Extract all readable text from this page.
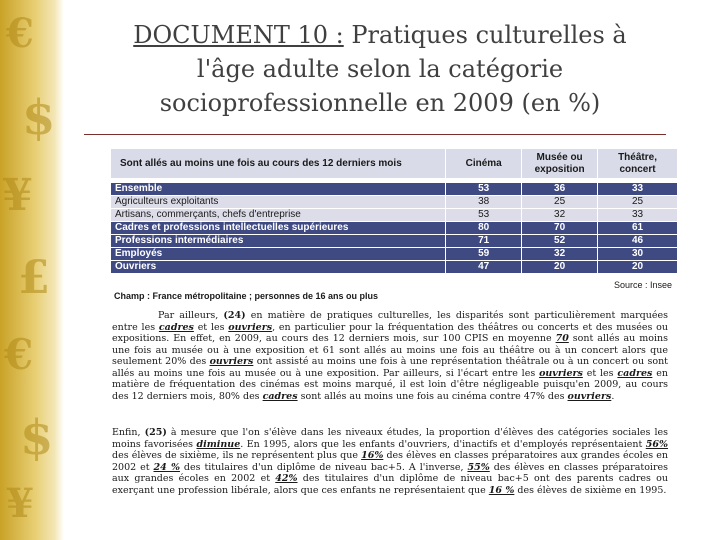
€
$
¥
£
€
$
¥
DOCUMENT 10 : Pratiques culturelles à
l'âge adulte selon la catégorie
socioprofessionnelle en 2009 (en %)
Sont allés au moins une fois au cours des 12 derniers mois	Cinéma	Musée ou exposition	Théâtre, concert

Ensemble	53	36	33
Agriculteurs exploitants	38	25	25
Artisans, commerçants, chefs d'entreprise	53	32	33
Cadres et professions intellectuelles supérieures	80	70	61
Professions intermédiaires	71	52	46
Employés	59	32	30
Ouvriers	47	20	20
Source : Insee
Champ : France métropolitaine ; personnes de 16 ans ou plus

Par ailleurs, (24) en matière de pratiques culturelles, les disparités sont particulièrement marquées entre les cadres et les ouvriers, en particulier pour la fréquentation des théâtres ou concerts et des musées ou expositions. En effet, en 2009, au cours des 12 derniers mois, sur 100 CPIS en moyenne 70 sont allés au moins une fois au musée ou à une exposition et 61 sont allés au moins une fois au théâtre ou à un concert alors que seulement 20% des ouvriers ont assisté au moins une fois à une représentation théâtrale ou à un concert ou sont allés au moins une fois au musée ou à une exposition. Par ailleurs, si l'écart entre les ouvriers et les cadres en matière de fréquentation des cinémas est moins marqué, il est loin d'être négligeable puisqu'en 2009, au cours des 12 derniers mois, 80% des cadres sont allés au moins une fois au cinéma contre 47% des ouvriers.

Enfin, (25) à mesure que l'on s'élève dans les niveaux études, la proportion d'élèves des catégories sociales les moins favorisées diminue. En 1995, alors que les enfants d'ouvriers, d'inactifs et d'employés représentaient 56% des élèves de sixième, ils ne représentent plus que 16% des élèves en classes préparatoires aux grandes écoles en 2002 et 24 % des titulaires d'un diplôme de niveau bac+5. A l'inverse, 55% des élèves en classes préparatoires aux grandes écoles en 2002 et 42% des titulaires d'un diplôme de niveau bac+5 ont des parents cadres ou exerçant une profession libérale, alors que ces enfants ne représentaient que 16 % des élèves de sixième en 1995.
